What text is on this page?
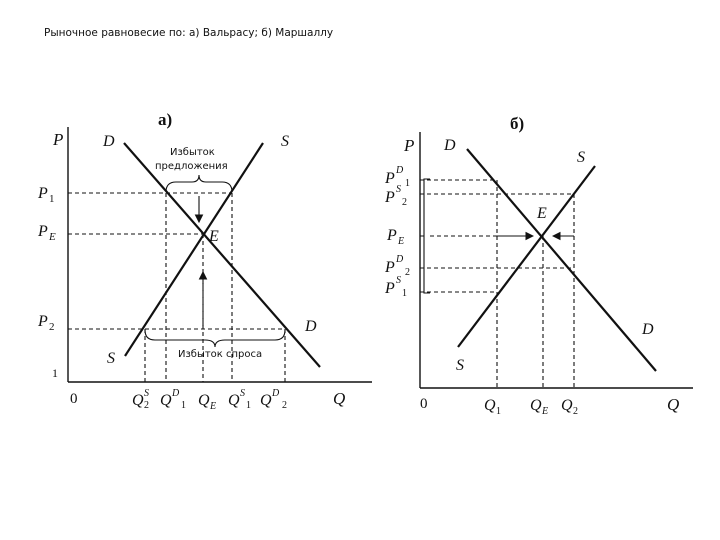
Рыночное равновесие по: а) Вальрасу; б) Маршаллу
а)
P
Q
0
1
D	S
D
S
E
P 1
P E
P 2
Избыток
предложения
Избыток спроса
Q S
2 Q D
1 Q E Q S
1 Q D
2
б)
P
Q
0
D
S
D
S
E
P D
1
P S
2
P E
P D
2
P S
1
Q 1 Q E Q 2
